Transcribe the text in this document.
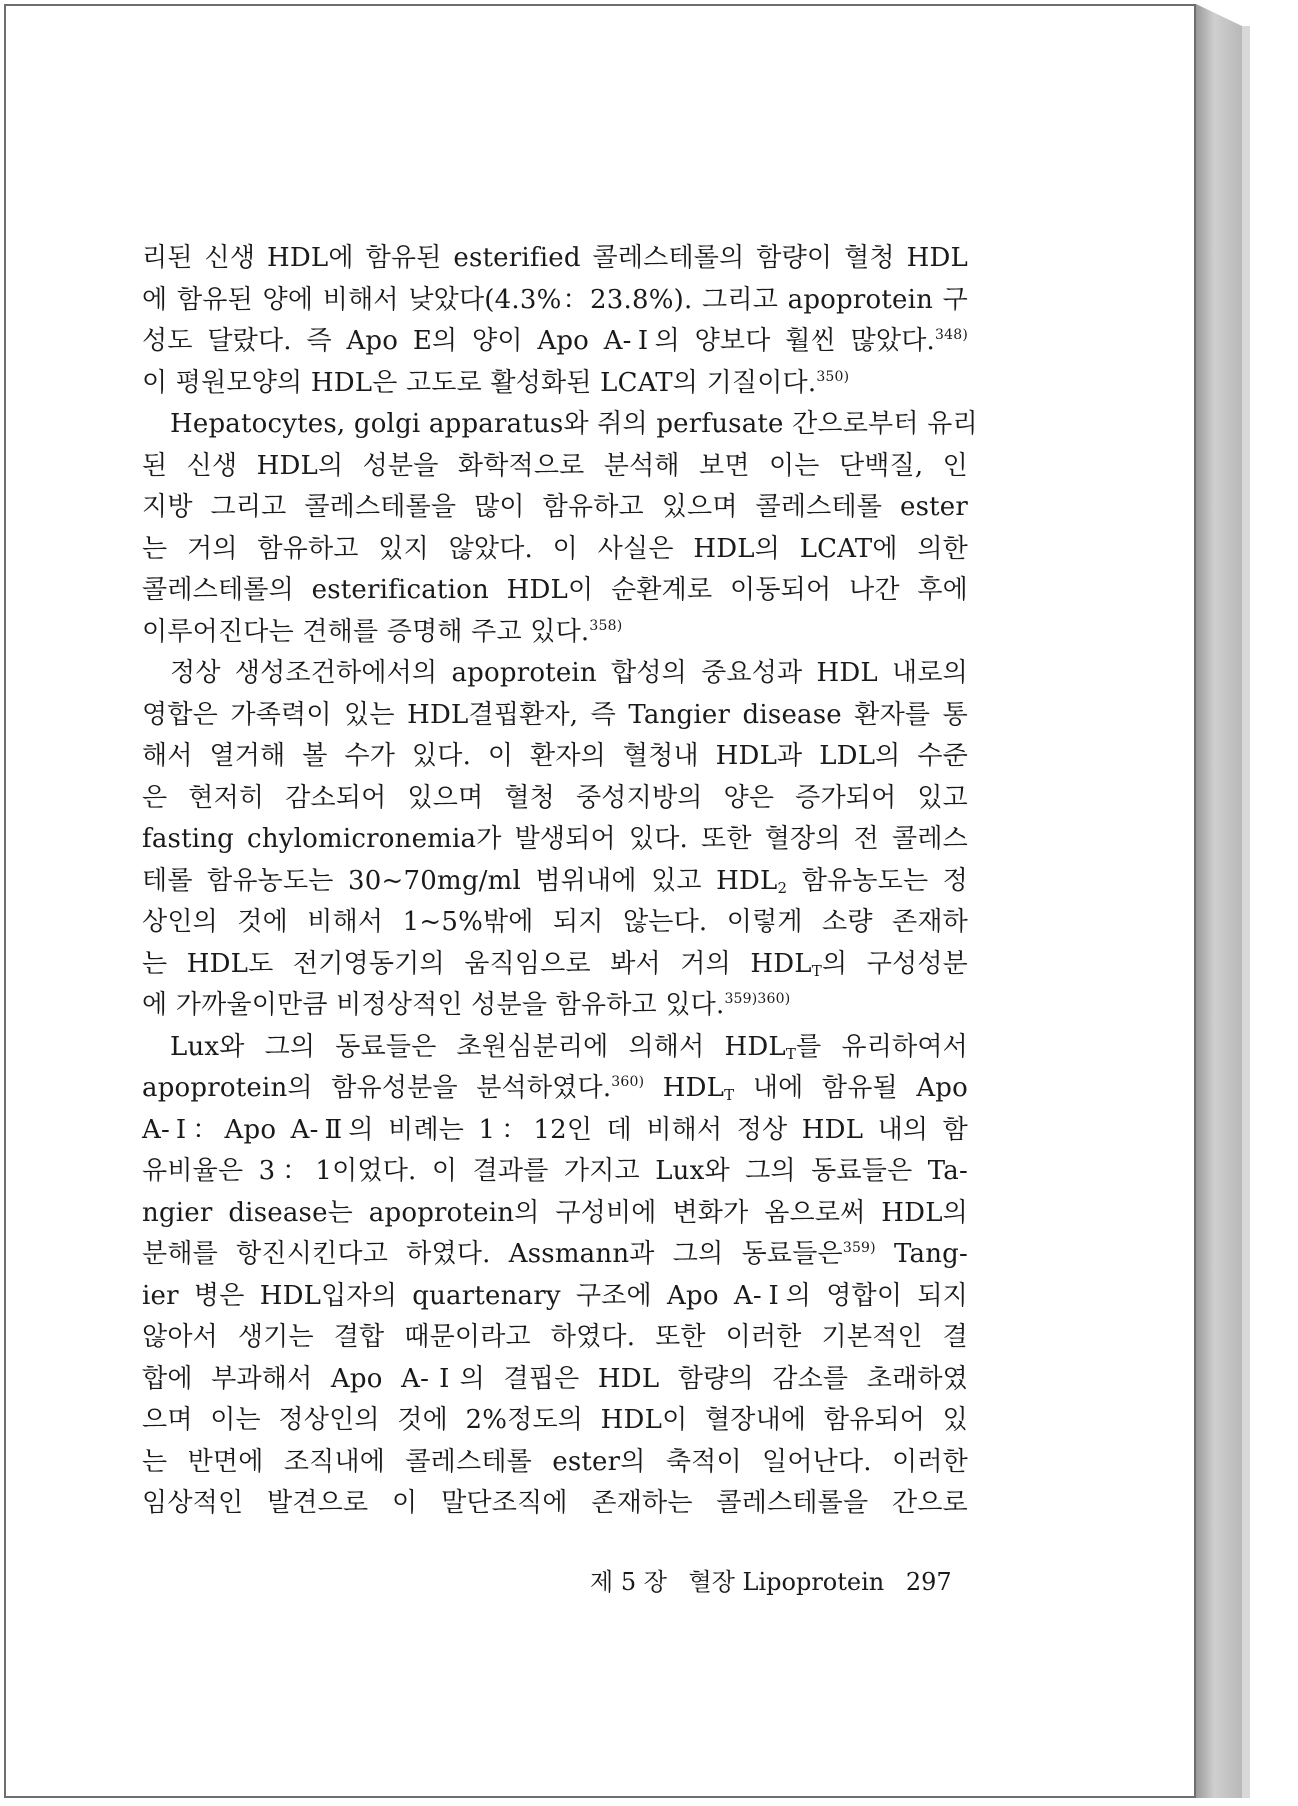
리된 신생 HDL에 함유된 esterified 콜레스테롤의 함량이 혈청 HDL
에 함유된 양에 비해서 낮았다(4.3%：23.8%). 그리고 apoprotein 구
성도 달랐다. 즉 Apo E의 양이 Apo A-Ⅰ의 양보다 훨씬 많았다.$^{348)}$
이 평원모양의 HDL은 고도로 활성화된 LCAT의 기질이다.$^{350)}$
Hepatocytes, golgi apparatus와 쥐의 perfusate 간으로부터 유리
된 신생 HDL의 성분을 화학적으로 분석해 보면 이는 단백질, 인
지방 그리고 콜레스테롤을 많이 함유하고 있으며 콜레스테롤 ester
는 거의 함유하고 있지 않았다. 이 사실은 HDL의 LCAT에 의한
콜레스테롤의 esterification HDL이 순환계로 이동되어 나간 후에
이루어진다는 견해를 증명해 주고 있다.$^{358)}$
정상 생성조건하에서의 apoprotein 합성의 중요성과 HDL 내로의
영합은 가족력이 있는 HDL결핍환자, 즉 Tangier disease 환자를 통
해서 열거해 볼 수가 있다. 이 환자의 혈청내 HDL과 LDL의 수준
은 현저히 감소되어 있으며 혈청 중성지방의 양은 증가되어 있고
fasting chylomicronemia가 발생되어 있다. 또한 혈장의 전 콜레스
테롤 함유농도는 30~70mg/ml 범위내에 있고 $HDL_2$ 함유농도는 정
상인의 것에 비해서 1~5%밖에 되지 않는다. 이렇게 소량 존재하
는 HDL도 전기영동기의 움직임으로 봐서 거의 $HDL_T$의 구성성분
에 가까울이만큼 비정상적인 성분을 함유하고 있다.$^{359)360)}$
Lux와 그의 동료들은 초원심분리에 의해서 $HDL_T$를 유리하여서
apoprotein의 함유성분을 분석하였다.$^{360)}$ $HDL_T$ 내에 함유될 Apo
A-Ⅰ：Apo A-Ⅱ의 비례는 1：12인 데 비해서 정상 HDL 내의 함
유비율은 3：1이었다. 이 결과를 가지고 Lux와 그의 동료들은 Ta-
ngier disease는 apoprotein의 구성비에 변화가 옴으로써 HDL의
분해를 항진시킨다고 하였다. Assmann과 그의 동료들은$^{359)}$ Tang-
ier 병은 HDL입자의 quartenary 구조에 Apo A-Ⅰ의 영합이 되지
않아서 생기는 결합 때문이라고 하였다. 또한 이러한 기본적인 결
합에 부과해서 Apo A-Ⅰ의 결핍은 HDL 함량의 감소를 초래하였
으며 이는 정상인의 것에 2%정도의 HDL이 혈장내에 함유되어 있
는 반면에 조직내에 콜레스테롤 ester의 축적이 일어난다. 이러한
임상적인 발견으로 이 말단조직에 존재하는 콜레스테롤을 간으로
제 5 장 혈장 Lipoprotein 297
